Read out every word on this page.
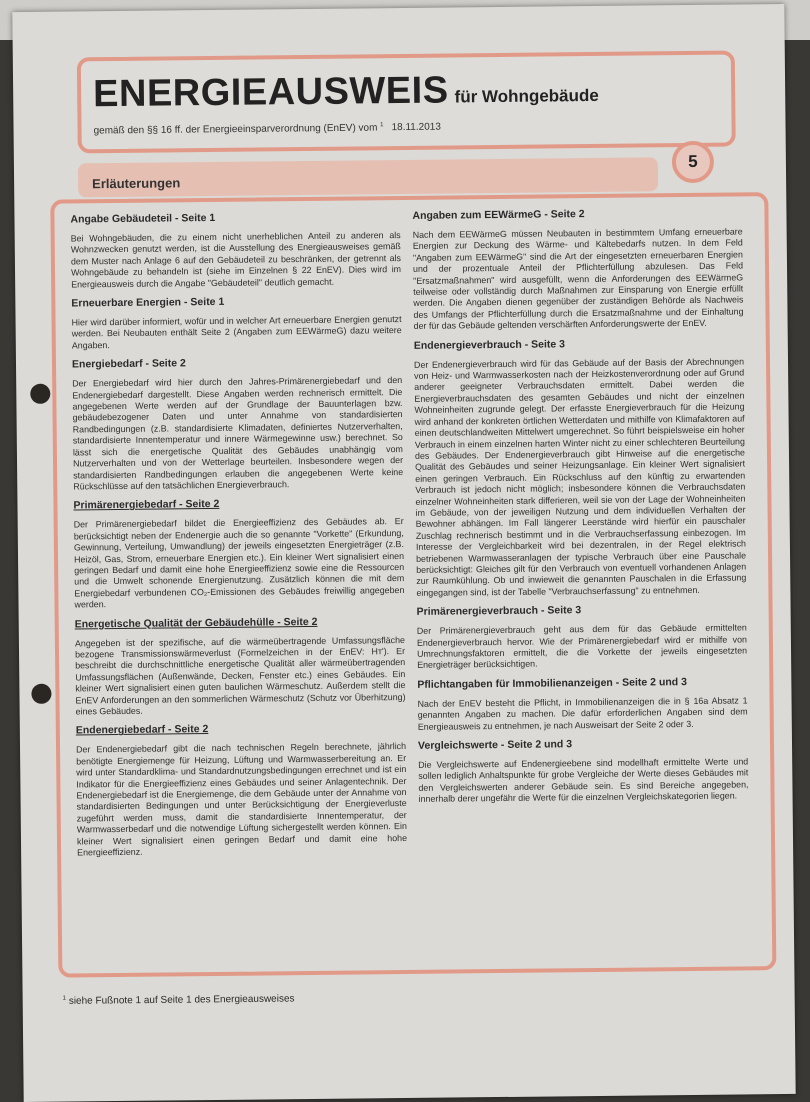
ENERGIEAUSWEIS für Wohngebäude
gemäß den §§ 16 ff. der Energieeinsparverordnung (EnEV) vom $^1$ 18.11.2013
Erläuterungen
5
Angabe Gebäudeteil - Seite 1

Bei Wohngebäuden, die zu einem nicht unerheblichen Anteil zu anderen als Wohnzwecken genutzt werden, ist die Ausstellung des Energieausweises gemäß dem Muster nach Anlage 6 auf den Gebäudeteil zu beschränken, der getrennt als Wohngebäude zu behandeln ist (siehe im Einzelnen § 22 EnEV). Dies wird im Energieausweis durch die Angabe "Gebäudeteil" deutlich gemacht.

Erneuerbare Energien - Seite 1

Hier wird darüber informiert, wofür und in welcher Art erneuerbare Energien genutzt werden. Bei Neubauten enthält Seite 2 (Angaben zum EEWärmeG) dazu weitere Angaben.

Energiebedarf - Seite 2

Der Energiebedarf wird hier durch den Jahres-Primärenergiebedarf und den Endenergiebedarf dargestellt. Diese Angaben werden rechnerisch ermittelt. Die angegebenen Werte werden auf der Grundlage der Bauunterlagen bzw. gebäudebezogener Daten und unter Annahme von standardisierten Randbedingungen (z.B. standardisierte Klimadaten, definiertes Nutzerverhalten, standardisierte Innentemperatur und innere Wärmegewinne usw.) berechnet. So lässt sich die energetische Qualität des Gebäudes unabhängig vom Nutzerverhalten und von der Wetterlage beurteilen. Insbesondere wegen der standardisierten Randbedingungen erlauben die angegebenen Werte keine Rückschlüsse auf den tatsächlichen Energieverbrauch.

Primärenergiebedarf - Seite 2

Der Primärenergiebedarf bildet die Energieeffizienz des Gebäudes ab. Er berücksichtigt neben der Endenergie auch die so genannte "Vorkette" (Erkundung, Gewinnung, Verteilung, Umwandlung) der jeweils eingesetzten Energieträger (z.B. Heizöl, Gas, Strom, erneuerbare Energien etc.). Ein kleiner Wert signalisiert einen geringen Bedarf und damit eine hohe Energieeffizienz sowie eine die Ressourcen und die Umwelt schonende Energienutzung. Zusätzlich können die mit dem Energiebedarf verbundenen CO₂-Emissionen des Gebäudes freiwillig angegeben werden.

Energetische Qualität der Gebäudehülle - Seite 2

Angegeben ist der spezifische, auf die wärmeübertragende Umfassungsfläche bezogene Transmissionswärmeverlust (Formelzeichen in der EnEV: Hᴛ'). Er beschreibt die durchschnittliche energetische Qualität aller wärmeübertragenden Umfassungsflächen (Außenwände, Decken, Fenster etc.) eines Gebäudes. Ein kleiner Wert signalisiert einen guten baulichen Wärmeschutz. Außerdem stellt die EnEV Anforderungen an den sommerlichen Wärmeschutz (Schutz vor Überhitzung) eines Gebäudes.

Endenergiebedarf - Seite 2

Der Endenergiebedarf gibt die nach technischen Regeln berechnete, jährlich benötigte Energiemenge für Heizung, Lüftung und Warmwasserbereitung an. Er wird unter Standardklima- und Standardnutzungsbedingungen errechnet und ist ein Indikator für die Energieeffizienz eines Gebäudes und seiner Anlagentechnik. Der Endenergiebedarf ist die Energiemenge, die dem Gebäude unter der Annahme von standardisierten Bedingungen und unter Berücksichtigung der Energieverluste zugeführt werden muss, damit die standardisierte Innentemperatur, der Warmwasserbedarf und die notwendige Lüftung sichergestellt werden können. Ein kleiner Wert signalisiert einen geringen Bedarf und damit eine hohe Energieeffizienz.

Angaben zum EEWärmeG - Seite 2

Nach dem EEWärmeG müssen Neubauten in bestimmtem Umfang erneuerbare Energien zur Deckung des Wärme- und Kältebedarfs nutzen. In dem Feld "Angaben zum EEWärmeG" sind die Art der eingesetzten erneuerbaren Energien und der prozentuale Anteil der Pflichterfüllung abzulesen. Das Feld "Ersatzmaßnahmen" wird ausgefüllt, wenn die Anforderungen des EEWärmeG teilweise oder vollständig durch Maßnahmen zur Einsparung von Energie erfüllt werden. Die Angaben dienen gegenüber der zuständigen Behörde als Nachweis des Umfangs der Pflichterfüllung durch die Ersatzmaßnahme und der Einhaltung der für das Gebäude geltenden verschärften Anforderungswerte der EnEV.

Endenergieverbrauch - Seite 3

Der Endenergieverbrauch wird für das Gebäude auf der Basis der Abrechnungen von Heiz- und Warmwasserkosten nach der Heizkostenverordnung oder auf Grund anderer geeigneter Verbrauchsdaten ermittelt. Dabei werden die Energieverbrauchsdaten des gesamten Gebäudes und nicht der einzelnen Wohneinheiten zugrunde gelegt. Der erfasste Energieverbrauch für die Heizung wird anhand der konkreten örtlichen Wetterdaten und mithilfe von Klimafaktoren auf einen deutschlandweiten Mittelwert umgerechnet. So führt beispielsweise ein hoher Verbrauch in einem einzelnen harten Winter nicht zu einer schlechteren Beurteilung des Gebäudes. Der Endenergieverbrauch gibt Hinweise auf die energetische Qualität des Gebäudes und seiner Heizungsanlage. Ein kleiner Wert signalisiert einen geringen Verbrauch. Ein Rückschluss auf den künftig zu erwartenden Verbrauch ist jedoch nicht möglich; insbesondere können die Verbrauchsdaten einzelner Wohneinheiten stark differieren, weil sie von der Lage der Wohneinheiten im Gebäude, von der jeweiligen Nutzung und dem individuellen Verhalten der Bewohner abhängen. Im Fall längerer Leerstände wird hierfür ein pauschaler Zuschlag rechnerisch bestimmt und in die Verbrauchserfassung einbezogen. Im Interesse der Vergleichbarkeit wird bei dezentralen, in der Regel elektrisch betriebenen Warmwasseranlagen der typische Verbrauch über eine Pauschale berücksichtigt: Gleiches gilt für den Verbrauch von eventuell vorhandenen Anlagen zur Raumkühlung. Ob und inwieweit die genannten Pauschalen in die Erfassung eingegangen sind, ist der Tabelle "Verbrauchserfassung" zu entnehmen.

Primärenergieverbrauch - Seite 3

Der Primärenergieverbrauch geht aus dem für das Gebäude ermittelten Endenergieverbrauch hervor. Wie der Primärenergiebedarf wird er mithilfe von Umrechnungsfaktoren ermittelt, die die Vorkette der jeweils eingesetzten Energieträger berücksichtigen.

Pflichtangaben für Immobilienanzeigen - Seite 2 und 3

Nach der EnEV besteht die Pflicht, in Immobilienanzeigen die in § 16a Absatz 1 genannten Angaben zu machen. Die dafür erforderlichen Angaben sind dem Energieausweis zu entnehmen, je nach Ausweisart der Seite 2 oder 3.

Vergleichswerte - Seite 2 und 3

Die Vergleichswerte auf Endenergieebene sind modellhaft ermittelte Werte und sollen lediglich Anhaltspunkte für grobe Vergleiche der Werte dieses Gebäudes mit den Vergleichswerten anderer Gebäude sein. Es sind Bereiche angegeben, innerhalb derer ungefähr die Werte für die einzelnen Vergleichskategorien liegen.

$^1$ siehe Fußnote 1 auf Seite 1 des Energieausweises
